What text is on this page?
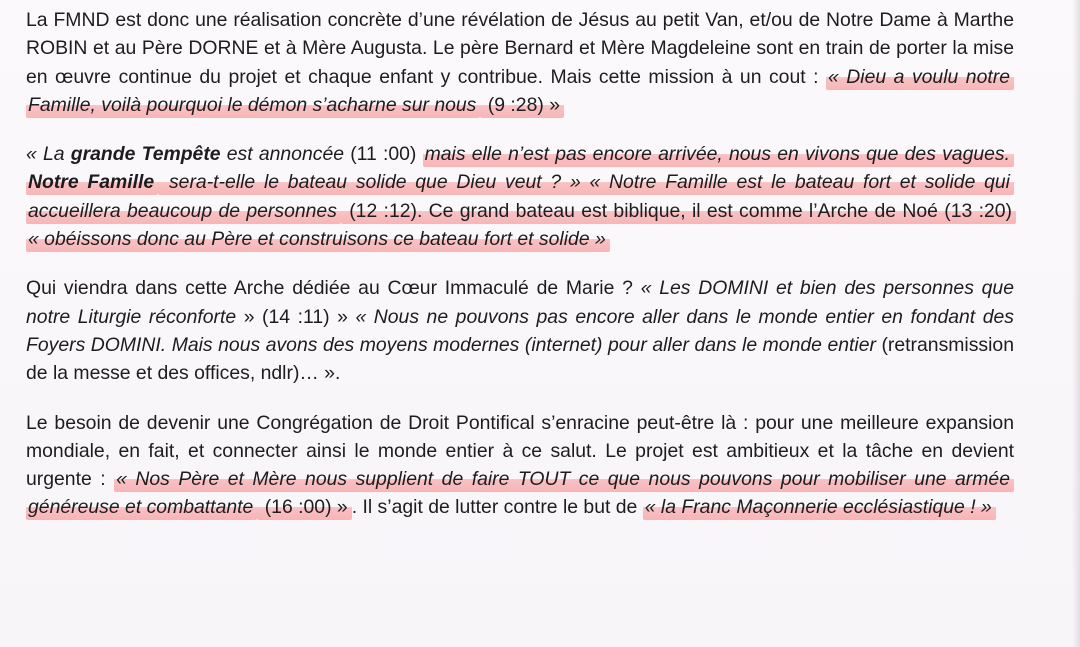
La FMND est donc une réalisation concrète d’une révélation de Jésus au petit Van, et/ou de Notre Dame à Marthe ROBIN et au Père DORNE et à Mère Augusta. Le père Bernard et Mère Magdeleine sont en train de porter la mise en œuvre continue du projet et chaque enfant y contribue. Mais cette mission à un cout : « Dieu a voulu notre Famille, voilà pourquoi le démon s’acharne sur nous (9 :28) »

« La grande Tempête est annoncée (11 :00) mais elle n’est pas encore arrivée, nous en vivons que des vagues. Notre Famille sera-t-elle le bateau solide que Dieu veut ? » « Notre Famille est le bateau fort et solide qui accueillera beaucoup de personnes (12 :12). Ce grand bateau est biblique, il est comme l’Arche de Noé (13 :20) « obéissons donc au Père et construisons ce bateau fort et solide »

Qui viendra dans cette Arche dédiée au Cœur Immaculé de Marie ? « Les DOMINI et bien des personnes que notre Liturgie réconforte » (14 :11) » « Nous ne pouvons pas encore aller dans le monde entier en fondant des Foyers DOMINI. Mais nous avons des moyens modernes (internet) pour aller dans le monde entier (retransmission de la messe et des offices, ndlr)… ».

Le besoin de devenir une Congrégation de Droit Pontifical s’enracine peut-être là : pour une meilleure expansion mondiale, en fait, et connecter ainsi le monde entier à ce salut. Le projet est ambitieux et la tâche en devient urgente : « Nos Père et Mère nous supplient de faire TOUT ce que nous pouvons pour mobiliser une armée généreuse et combattante (16 :00) » . Il s’agit de lutter contre le but de « la Franc Maçonnerie ecclésiastique ! »
